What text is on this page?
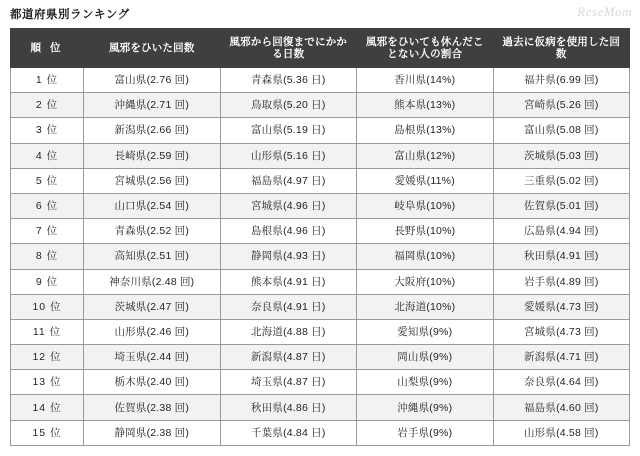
ReseMom
都道府県別ランキング
順 位	風邪をひいた回数	風邪から回復までにかかる日数	風邪をひいても休んだことない人の割合	過去に仮病を使用した回数

1 位	富山県(2.76 回)	青森県(5.36 日)	香川県(14%)	福井県(6.99 回)
2 位	沖縄県(2.71 回)	鳥取県(5.20 日)	熊本県(13%)	宮崎県(5.26 回)
3 位	新潟県(2.66 回)	富山県(5.19 日)	島根県(13%)	富山県(5.08 回)
4 位	長崎県(2.59 回)	山形県(5.16 日)	富山県(12%)	茨城県(5.03 回)
5 位	宮城県(2.56 回)	福島県(4.97 日)	愛媛県(11%)	三重県(5.02 回)
6 位	山口県(2.54 回)	宮城県(4.96 日)	岐阜県(10%)	佐賀県(5.01 回)
7 位	青森県(2.52 回)	島根県(4.96 日)	長野県(10%)	広島県(4.94 回)
8 位	高知県(2.51 回)	静岡県(4.93 日)	福岡県(10%)	秋田県(4.91 回)
9 位	神奈川県(2.48 回)	熊本県(4.91 日)	大阪府(10%)	岩手県(4.89 回)
10 位	茨城県(2.47 回)	奈良県(4.91 日)	北海道(10%)	愛媛県(4.73 回)
11 位	山形県(2.46 回)	北海道(4.88 日)	愛知県(9%)	宮城県(4.73 回)
12 位	埼玉県(2.44 回)	新潟県(4.87 日)	岡山県(9%)	新潟県(4.71 回)
13 位	栃木県(2.40 回)	埼玉県(4.87 日)	山梨県(9%)	奈良県(4.64 回)
14 位	佐賀県(2.38 回)	秋田県(4.86 日)	沖縄県(9%)	福島県(4.60 回)
15 位	静岡県(2.38 回)	千葉県(4.84 日)	岩手県(9%)	山形県(4.58 回)
